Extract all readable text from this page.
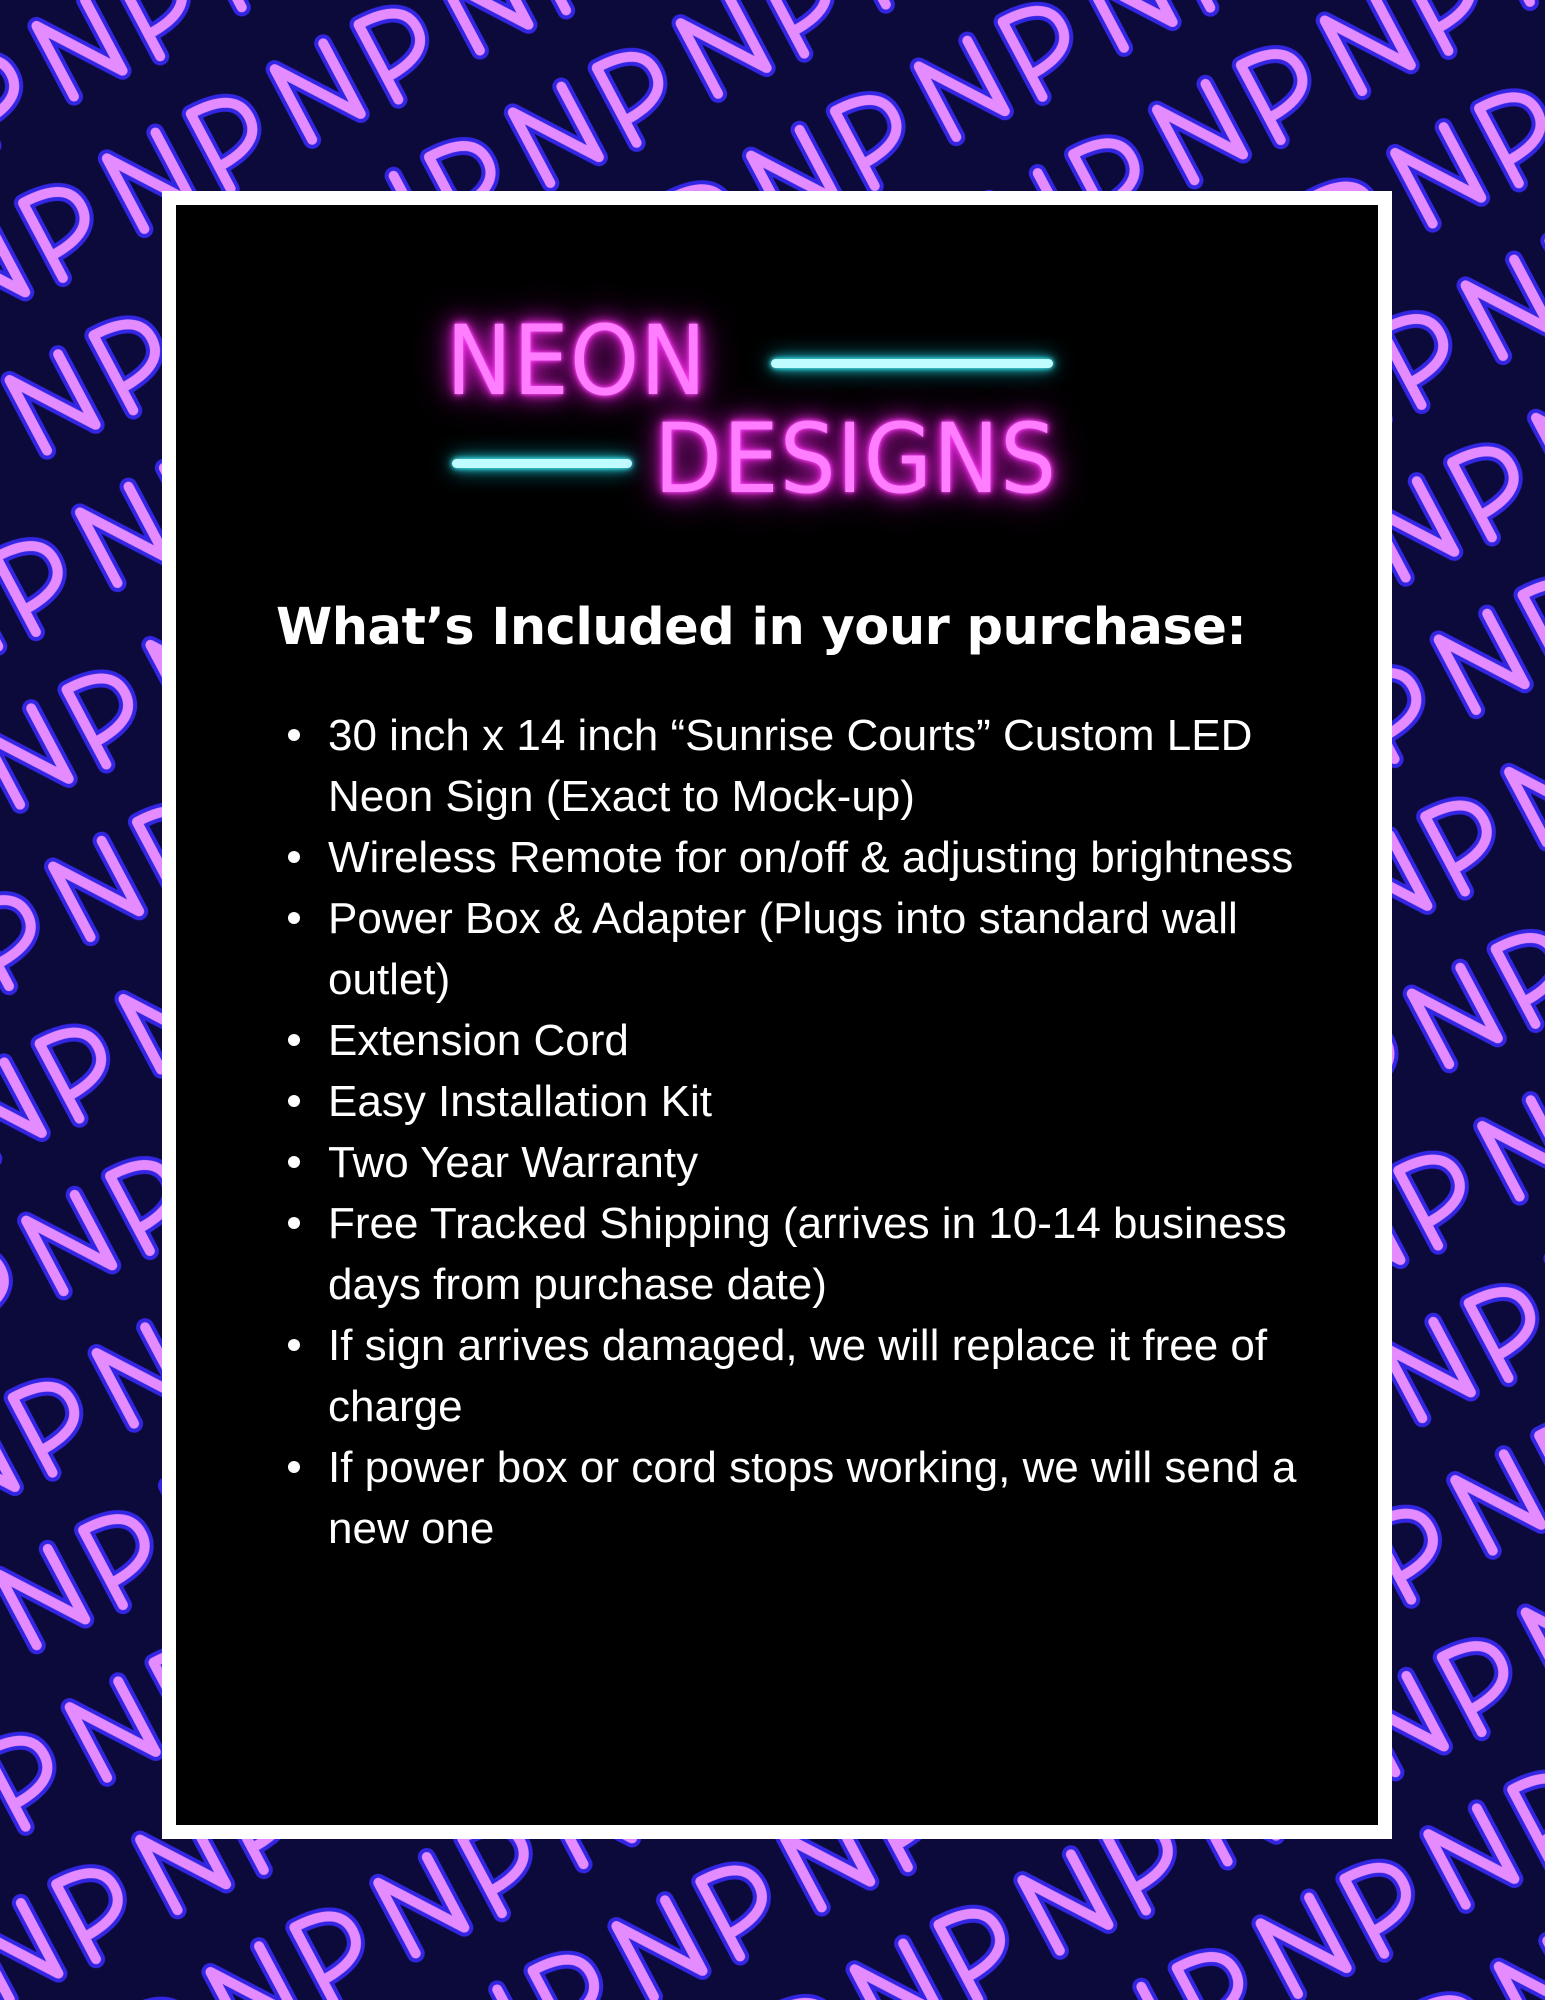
NEON
DESIGNS
What’s Included in your purchase:
30 inch x 14 inch “Sunrise Courts” Custom LED Neon Sign (Exact to Mock-up)
Wireless Remote for on/off & adjusting brightness
Power Box & Adapter (Plugs into standard wall outlet)
Extension Cord
Easy Installation Kit
Two Year Warranty
Free Tracked Shipping (arrives in 10-14 business days from purchase date)
If sign arrives damaged, we will replace it free of charge
If power box or cord stops working, we will send a new one
